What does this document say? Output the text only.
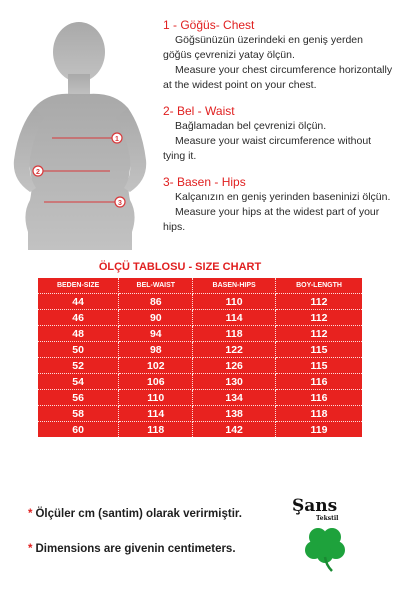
1
2
3
1 - Göğüs- Chest
Göğsünüzün üzerindeki en geniş yerden göğüs çevrenizi yatay ölçün.
Measure your chest circumference horizontally at the widest point on your chest.
2- Bel - Waist
Bağlamadan bel çevrenizi ölçün.
Measure your waist circumference without tying it.
3- Basen - Hips
Kalçanızın en geniş yerinden baseninizi ölçün.
Measure your hips at the widest part of your hips.
ÖLÇÜ TABLOSU - SIZE CHART
BEDEN-SIZE	BEL-WAIST	BASEN-HIPS	BOY-LENGTH
44	86	110	112
46	90	114	112
48	94	118	112
50	98	122	115
52	102	126	115
54	106	130	116
56	110	134	116
58	114	138	118
60	118	142	119
* Ölçüler cm (santim) olarak verirmiştir.
* Dimensions are givenin centimeters.
Şans
Tekstil
